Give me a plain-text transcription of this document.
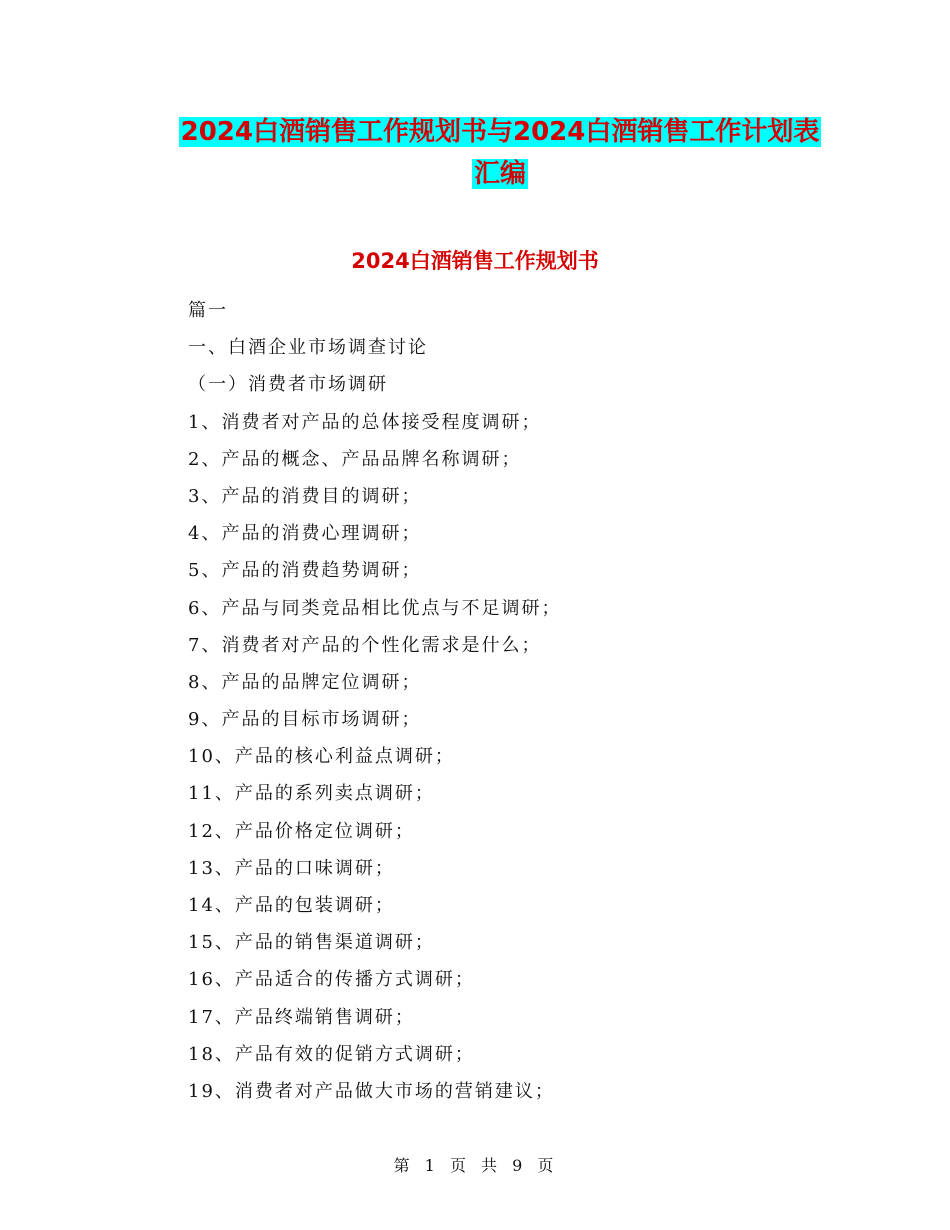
2024白酒销售工作规划书与2024白酒销售工作计划表
汇编
2024白酒销售工作规划书
篇一
一、白酒企业市场调查讨论
（一）消费者市场调研
1、消费者对产品的总体接受程度调研；
2、产品的概念、产品品牌名称调研；
3、产品的消费目的调研；
4、产品的消费心理调研；
5、产品的消费趋势调研；
6、产品与同类竞品相比优点与不足调研；
7、消费者对产品的个性化需求是什么；
8、产品的品牌定位调研；
9、产品的目标市场调研；
10、产品的核心利益点调研；
11、产品的系列卖点调研；
12、产品价格定位调研；
13、产品的口味调研；
14、产品的包装调研；
15、产品的销售渠道调研；
16、产品适合的传播方式调研；
17、产品终端销售调研；
18、产品有效的促销方式调研；
19、消费者对产品做大市场的营销建议；
第 1 页 共 9 页
